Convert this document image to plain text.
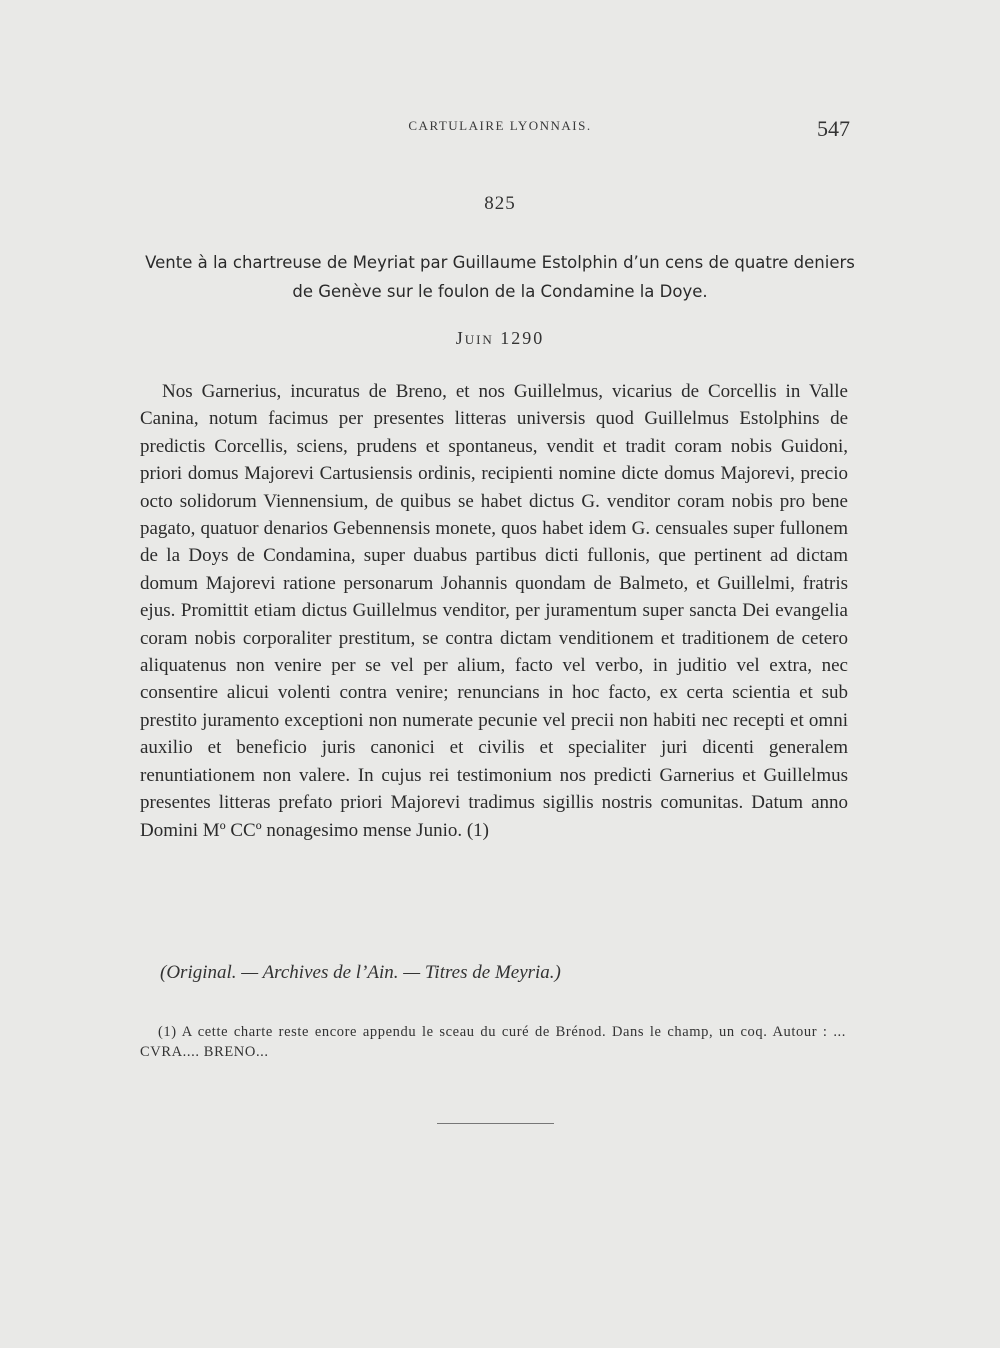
CARTULAIRE LYONNAIS.	547
825
Vente à la chartreuse de Meyriat par Guillaume Estolphin d’un cens de quatre deniers de Genève sur le foulon de la Condamine la Doye.
Juin 1290

Nos Garnerius, incuratus de Breno, et nos Guillelmus, vicarius de Corcellis in Valle Canina, notum facimus per presentes litteras universis quod Guillelmus Estolphins de predictis Corcellis, sciens, prudens et spontaneus, vendit et tradit coram nobis Guidoni, priori domus Majorevi Cartusiensis ordinis, recipienti nomine dicte domus Majorevi, precio octo solidorum Viennensium, de quibus se habet dictus G. venditor coram nobis pro bene pagato, quatuor denarios Gebennensis monete, quos habet idem G. censuales super fullonem de la Doys de Condamina, super duabus partibus dicti fullonis, que pertinent ad dictam domum Majorevi ratione personarum Johannis quondam de Balmeto, et Guillelmi, fratris ejus. Promittit etiam dictus Guillelmus venditor, per juramentum super sancta Dei evangelia coram nobis corporaliter prestitum, se contra dictam venditionem et traditionem de cetero aliquatenus non venire per se vel per alium, facto vel verbo, in juditio vel extra, nec consentire alicui volenti contra venire; renuncians in hoc facto, ex certa scientia et sub prestito juramento exceptioni non numerate pecunie vel precii non habiti nec recepti et omni auxilio et beneficio juris canonici et civilis et specialiter juri dicenti generalem renuntiationem non valere. In cujus rei testimonium nos predicti Garnerius et Guillelmus presentes litteras prefato priori Majorevi tradimus sigillis nostris comunitas. Datum anno Domini Mº CCº nonagesimo mense Junio. (1)

(Original. — Archives de l’Ain. — Titres de Meyria.)

(1) A cette charte reste encore appendu le sceau du curé de Brénod. Dans le champ, un coq. Autour : ... CVRA.... BRENO...
